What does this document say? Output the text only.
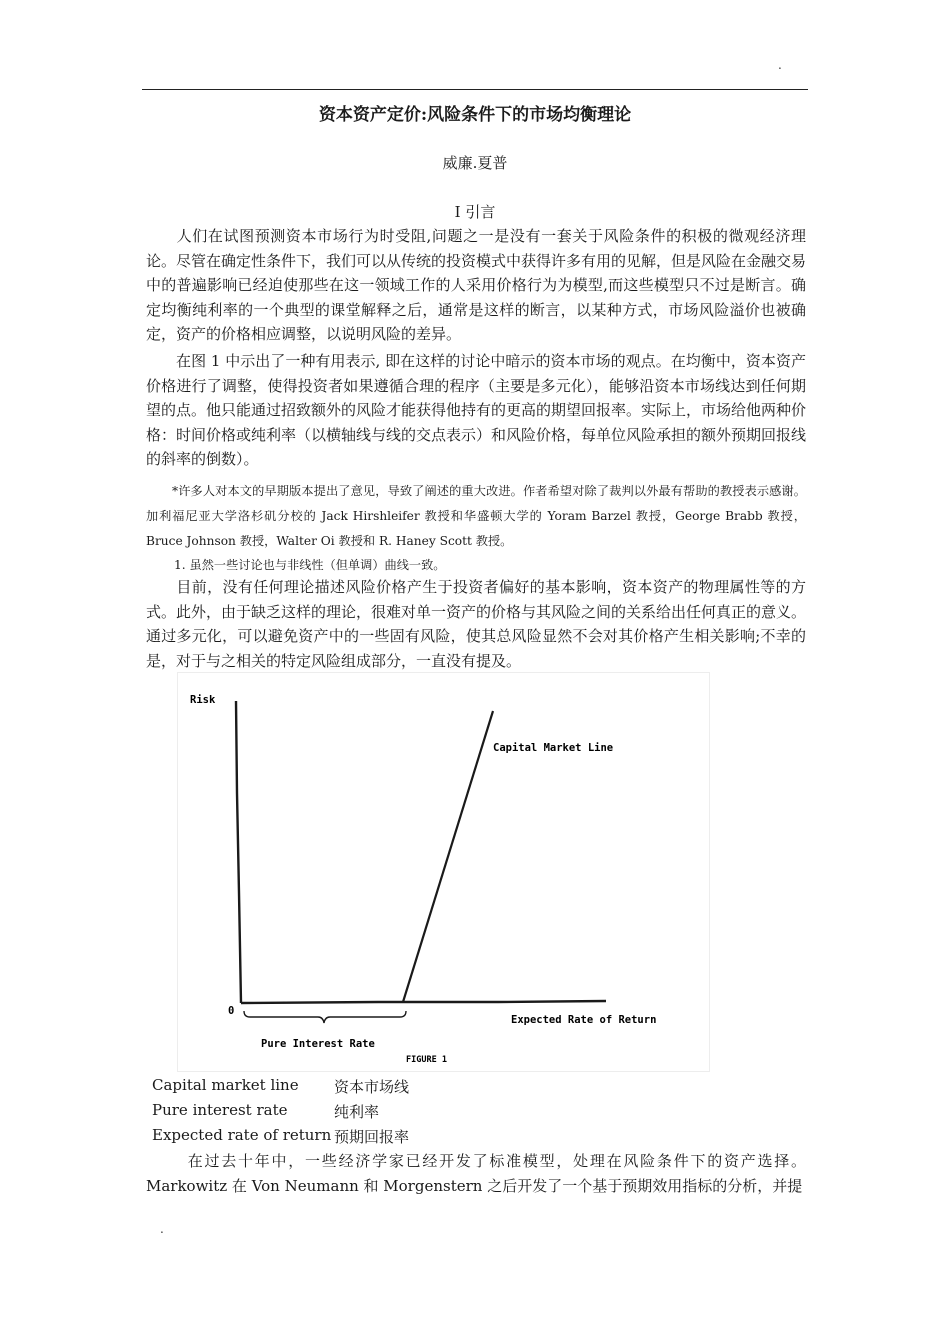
.
资本资产定价:风险条件下的市场均衡理论
威廉.夏普
I 引言
人们在试图预测资本市场行为时受阻,问题之一是没有一套关于风险条件的积极的微观经济理论。尽管在确定性条件下，我们可以从传统的投资模式中获得许多有用的见解，但是风险在金融交易中的普遍影响已经迫使那些在这一领域工作的人采用价格行为为模型,而这些模型只不过是断言。确定均衡纯利率的一个典型的课堂解释之后，通常是这样的断言，以某种方式，市场风险溢价也被确定，资产的价格相应调整，以说明风险的差异。
在图 1 中示出了一种有用表示, 即在这样的讨论中暗示的资本市场的观点。在均衡中，资本资产价格进行了调整，使得投资者如果遵循合理的程序（主要是多元化），能够沿资本市场线达到任何期望的点。他只能通过招致额外的风险才能获得他持有的更高的期望回报率。实际上，市场给他两种价格：时间价格或纯利率（以横轴线与线的交点表示）和风险价格，每单位风险承担的额外预期回报线的斜率的倒数）。
*许多人对本文的早期版本提出了意见，导致了阐述的重大改进。作者希望对除了裁判以外最有帮助的教授表示感谢。加利福尼亚大学洛杉矶分校的 Jack Hirshleifer 教授和华盛顿大学的 Yoram Barzel 教授，George Brabb 教授，Bruce Johnson 教授，Walter Oi 教授和 R. Haney Scott 教授。
1. 虽然一些讨论也与非线性（但单调）曲线一致。
目前，没有任何理论描述风险价格产生于投资者偏好的基本影响，资本资产的物理属性等的方式。此外，由于缺乏这样的理论，很难对单一资产的价格与其风险之间的关系给出任何真正的意义。通过多元化，可以避免资产中的一些固有风险，使其总风险显然不会对其价格产生相关影响;不幸的是，对于与之相关的特定风险组成部分，一直没有提及。
Risk
0
Capital Market Line
Expected Rate of Return
Pure Interest Rate
FIGURE 1
Capital market line 资本市场线
Pure interest rate	纯利率
Expected rate of return 预期回报率
在过去十年中，一些经济学家已经开发了标准模型，处理在风险条件下的资产选择。Markowitz 在 Von Neumann 和 Morgenstern 之后开发了一个基于预期效用指标的分析，并提
.
